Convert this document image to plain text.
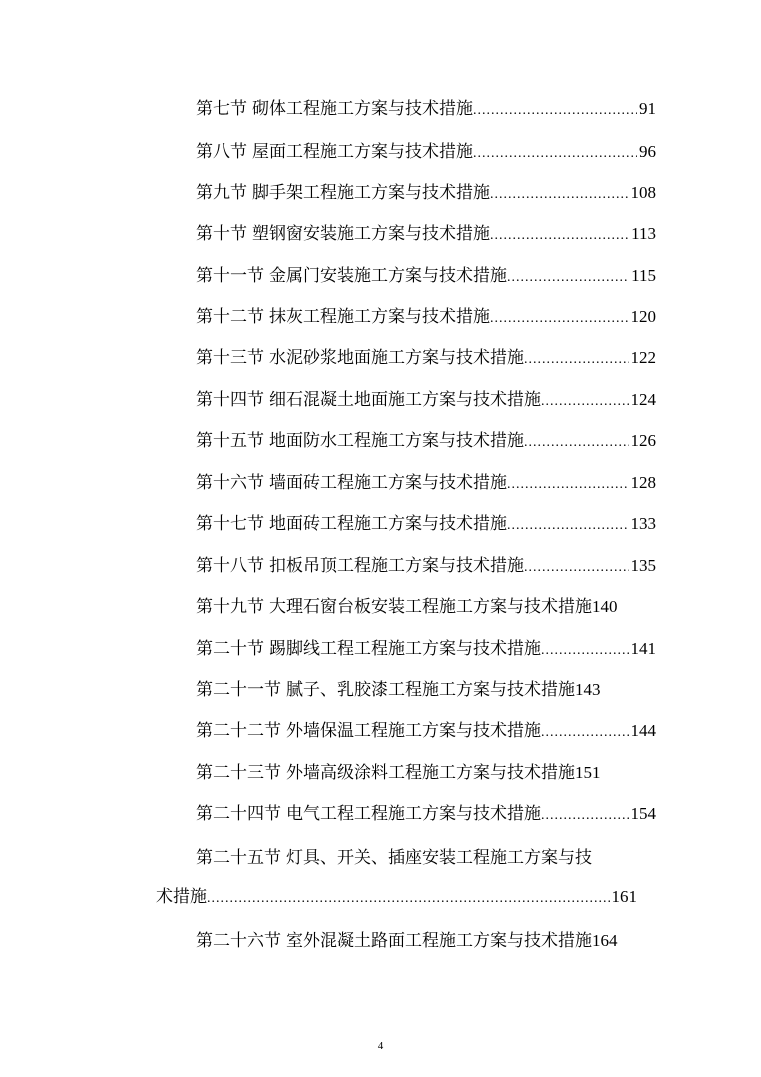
第七节 砌体工程施工方案与技术措施 .....	91
第八节 屋面工程施工方案与技术措施 .....	96
第九节 脚手架工程施工方案与技术措施 .....	108
第十节 塑钢窗安装施工方案与技术措施 .....	113
第十一节 金属门安装施工方案与技术措施 .....	115
第十二节 抹灰工程施工方案与技术措施 .....	120
第十三节 水泥砂浆地面施工方案与技术措施 .....	122
第十四节 细石混凝土地面施工方案与技术措施 .....	124
第十五节 地面防水工程施工方案与技术措施 .....	126
第十六节 墙面砖工程施工方案与技术措施 .....	128
第十七节 地面砖工程施工方案与技术措施 .....	133
第十八节 扣板吊顶工程施工方案与技术措施 .....	135
第十九节 大理石窗台板安装工程施工方案与技术措施 140
第二十节 踢脚线工程工程施工方案与技术措施 .....	141
第二十一节 腻子、乳胶漆工程施工方案与技术措施 143
第二十二节 外墙保温工程施工方案与技术措施 .....	144
第二十三节 外墙高级涂料工程施工方案与技术措施 151
第二十四节 电气工程工程施工方案与技术措施 .....	154
第二十五节 灯具、开关、插座安装工程施工方案与技
术措施 .....	161
第二十六节 室外混凝土路面工程施工方案与技术措施 164
4
